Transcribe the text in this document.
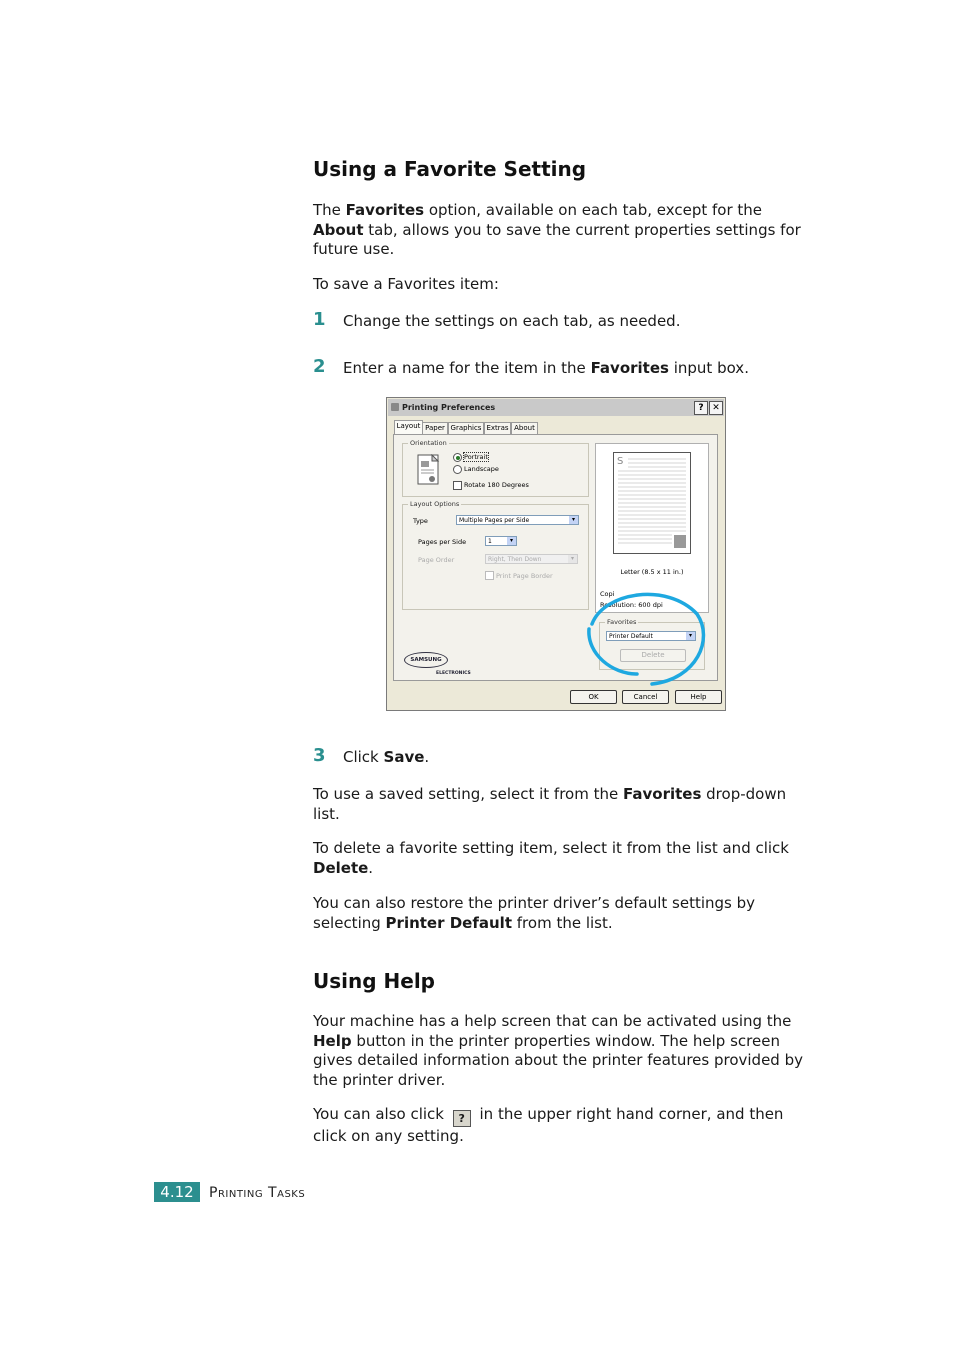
Using a Favorite Setting
The Favorites option, available on each tab, except for the About tab, allows you to save the current properties settings for future use.
To save a Favorites item:
1 Change the settings on each tab, as needed.
2 Enter a name for the item in the Favorites input box.
Printing Preferences	? ✕
Layout Paper Graphics Extras About
Orientation
Portrait
Landscape
Rotate 180 Degrees
Layout Options
Type	Multiple Pages per Side	▾
Pages per Side	1	▾
Page Order	Right, Then Down	▾
Print Page Border
S
Letter (8.5 x 11 in.)
Copi
Resolution: 600 dpi
Favorites
Printer Default	▾
Delete
SAMSUNG
ELECTRONICS
OK	Cancel	Help
3 Click Save.
To use a saved setting, select it from the Favorites drop-down list.
To delete a favorite setting item, select it from the list and click Delete.
You can also restore the printer driver’s default settings by selecting Printer Default from the list.
Using Help
Your machine has a help screen that can be activated using the Help button in the printer properties window. The help screen gives detailed information about the printer features provided by the printer driver.
You can also click ? in the upper right hand corner, and then click on any setting.
4.12	Printing Tasks
